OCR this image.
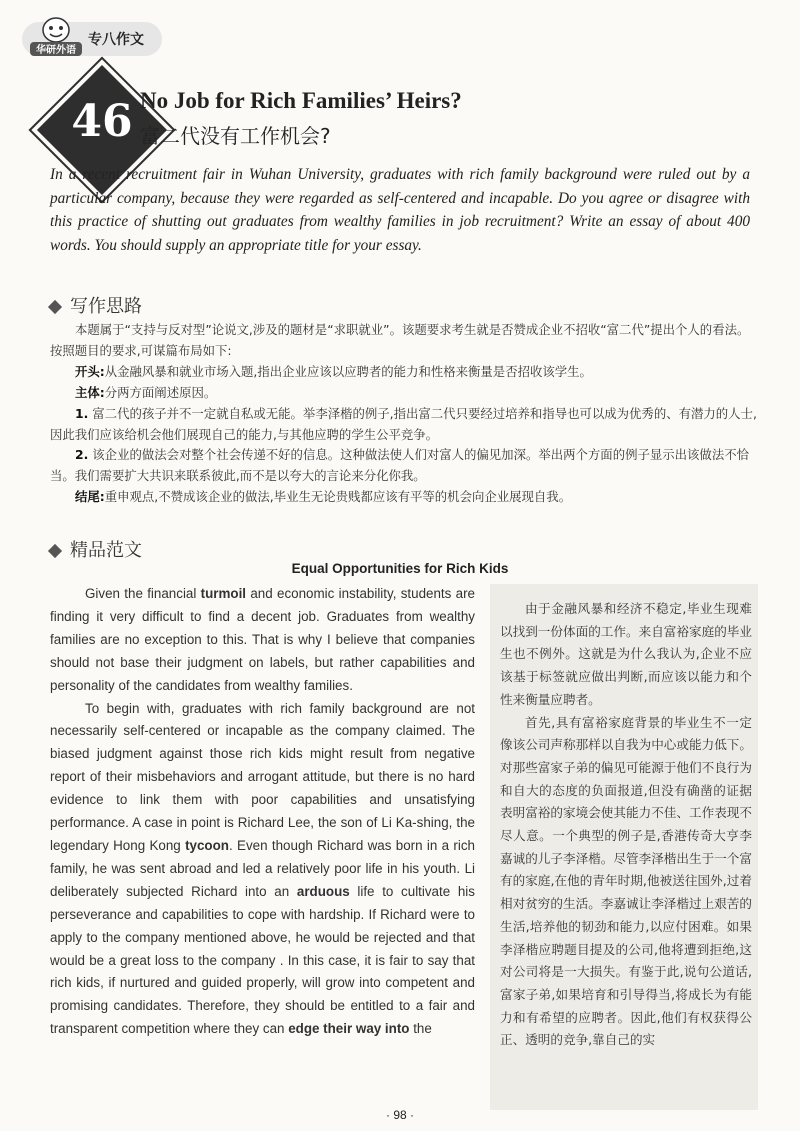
华研外语
专八作文
46 No Job for Rich Families’ Heirs?
富二代没有工作机会?
In a recent recruitment fair in Wuhan University, graduates with rich family background were ruled out by a particular company, because they were regarded as self-centered and incapable. Do you agree or disagree with this practice of shutting out graduates from wealthy families in job recruitment? Write an essay of about 400 words. You should supply an appropriate title for your essay.
写作思路

本题属于“支持与反对型”论说文,涉及的题材是“求职就业”。该题要求考生就是否赞成企业不招收“富二代”提出个人的看法。按照题目的要求,可谋篇布局如下:

开头:从金融风暴和就业市场入题,指出企业应该以应聘者的能力和性格来衡量是否招收该学生。

主体:分两方面阐述原因。

1. 富二代的孩子并不一定就自私或无能。举李泽楷的例子,指出富二代只要经过培养和指导也可以成为优秀的、有潜力的人士,因此我们应该给机会他们展现自己的能力,与其他应聘的学生公平竞争。

2. 该企业的做法会对整个社会传递不好的信息。这种做法使人们对富人的偏见加深。举出两个方面的例子显示出该做法不恰当。我们需要扩大共识来联系彼此,而不是以夸大的言论来分化你我。

结尾:重申观点,不赞成该企业的做法,毕业生无论贵贱都应该有平等的机会向企业展现自我。

精品范文
Equal Opportunities for Rich Kids

Given the financial turmoil and economic instability, students are finding it very difficult to find a decent job. Graduates from wealthy families are no exception to this. That is why I believe that companies should not base their judgment on labels, but rather capabilities and personality of the candidates from wealthy families.

To begin with, graduates with rich family background are not necessarily self-centered or incapable as the company claimed. The biased judgment against those rich kids might result from negative report of their misbehaviors and arrogant attitude, but there is no hard evidence to link them with poor capabilities and unsatisfying performance. A case in point is Richard Lee, the son of Li Ka-shing, the legendary Hong Kong tycoon. Even though Richard was born in a rich family, he was sent abroad and led a relatively poor life in his youth. Li deliberately subjected Richard into an arduous life to cultivate his perseverance and capabilities to cope with hardship. If Richard were to apply to the company mentioned above, he would be rejected and that would be a great loss to the company . In this case, it is fair to say that rich kids, if nurtured and guided properly, will grow into competent and promising candidates. Therefore, they should be entitled to a fair and transparent competition where they can edge their way into the

由于金融风暴和经济不稳定,毕业生现难以找到一份体面的工作。来自富裕家庭的毕业生也不例外。这就是为什么我认为,企业不应该基于标签就应做出判断,而应该以能力和个性来衡量应聘者。

首先,具有富裕家庭背景的毕业生不一定像该公司声称那样以自我为中心或能力低下。对那些富家子弟的偏见可能源于他们不良行为和自大的态度的负面报道,但没有确凿的证据表明富裕的家境会使其能力不佳、工作表现不尽人意。一个典型的例子是,香港传奇大亨李嘉诚的儿子李泽楷。尽管李泽楷出生于一个富有的家庭,在他的青年时期,他被送往国外,过着相对贫穷的生活。李嘉诚让李泽楷过上艰苦的生活,培养他的韧劲和能力,以应付困难。如果李泽楷应聘题目提及的公司,他将遭到拒绝,这对公司将是一大损失。有鉴于此,说句公道话,富家子弟,如果培育和引导得当,将成长为有能力和有希望的应聘者。因此,他们有权获得公正、透明的竞争,靠自己的实

· 98 ·
